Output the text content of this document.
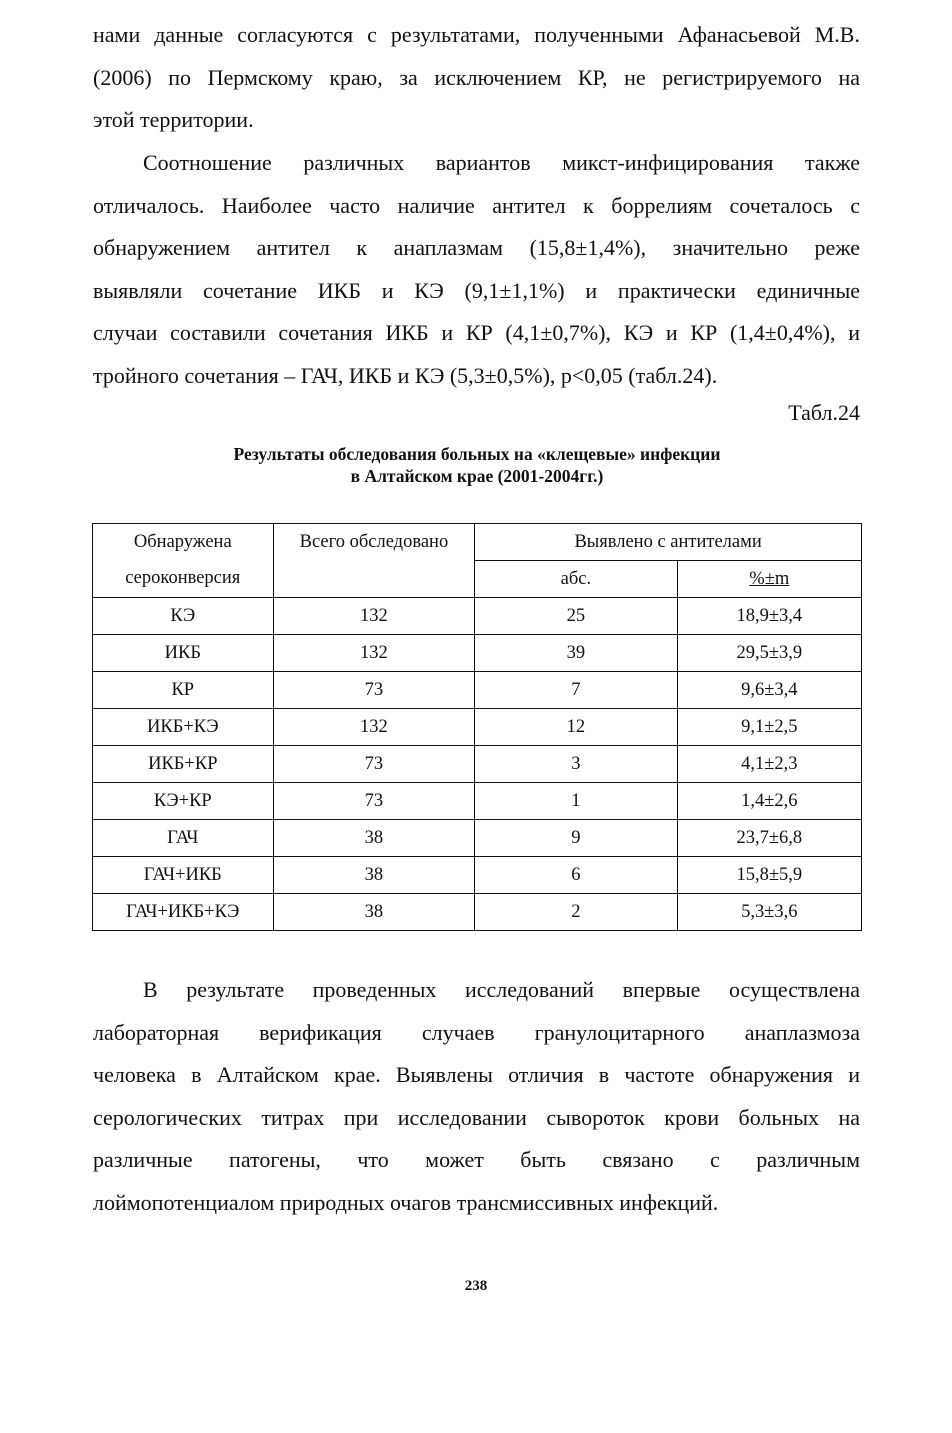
нами данные согласуются с результатами, полученными Афанасьевой М.В.
(2006) по Пермскому краю, за исключением КР, не регистрируемого на
этой территории.

Соотношение различных вариантов микст-инфицирования также
отличалось. Наиболее часто наличие антител к боррелиям сочеталось с
обнаружением антител к анаплазмам (15,8±1,4%), значительно реже
выявляли сочетание ИКБ и КЭ (9,1±1,1%) и практически единичные
случаи составили сочетания ИКБ и КР (4,1±0,7%), КЭ и КР (1,4±0,4%), и
тройного сочетания – ГАЧ, ИКБ и КЭ (5,3±0,5%), p<0,05 (табл.24).

Табл.24

Результаты обследования больных на «клещевые» инфекции
в Алтайском крае (2001-2004гг.)

Обнаружена
сероконверсия	Всего обследовано	Выявлено с антителами	
		абс.	%±m
КЭ	132	25	18,9±3,4
ИКБ	132	39	29,5±3,9
КР	73	7	9,6±3,4
ИКБ+КЭ	132	12	9,1±2,5
ИКБ+КР	73	3	4,1±2,3
КЭ+КР	73	1	1,4±2,6
ГАЧ	38	9	23,7±6,8
ГАЧ+ИКБ	38	6	15,8±5,9
ГАЧ+ИКБ+КЭ	38	2	5,3±3,6

В результате проведенных исследований впервые осуществлена
лабораторная верификация случаев гранулоцитарного анаплазмоза
человека в Алтайском крае. Выявлены отличия в частоте обнаружения и
серологических титрах при исследовании сывороток крови больных на
различные патогены, что может быть связано с различным
лоймопотенциалом природных очагов трансмиссивных инфекций.

238
